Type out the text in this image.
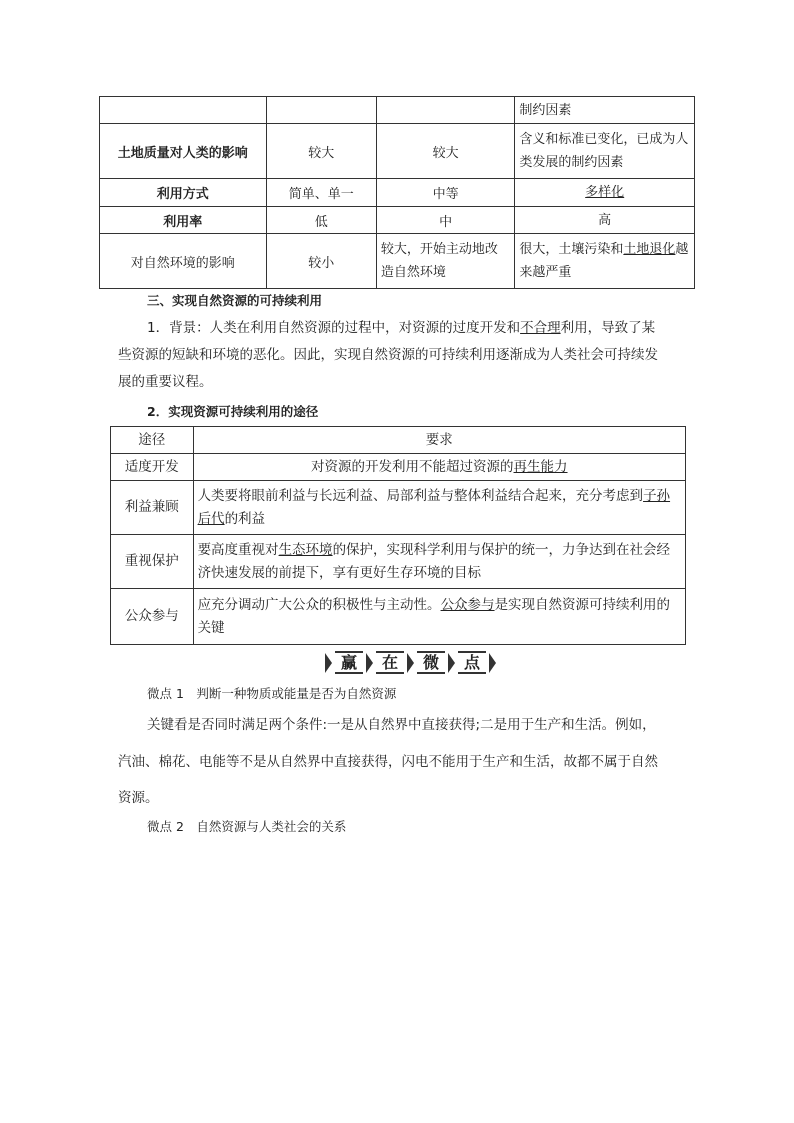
			制约因素
土地质量对人类的影响	较大	较大	含义和标准已变化，已成为人类发展的制约因素
利用方式	简单、单一	中等	多样化
利用率	低	中	高
对自然环境的影响	较小	较大，开始主动地改造自然环境	很大，土壤污染和土地退化越来越严重
三、实现自然资源的可持续利用
1．背景：人类在利用自然资源的过程中，对资源的过度开发和不合理利用，导致了某
些资源的短缺和环境的恶化。因此，实现自然资源的可持续利用逐渐成为人类社会可持续发
展的重要议程。
2．实现资源可持续利用的途径
途径	要求
适度开发	对资源的开发利用不能超过资源的再生能力
利益兼顾	人类要将眼前利益与长远利益、局部利益与整体利益结合起来，充分考虑到子孙后代的利益
重视保护	要高度重视对生态环境的保护，实现科学利用与保护的统一，力争达到在社会经济快速发展的前提下，享有更好生存环境的目标
公众参与	应充分调动广大公众的积极性与主动性。公众参与是实现自然资源可持续利用的关键
赢	在	微	点
微点 1　判断一种物质或能量是否为自然资源
关键看是否同时满足两个条件:一是从自然界中直接获得;二是用于生产和生活。例如，
汽油、棉花、电能等不是从自然界中直接获得，闪电不能用于生产和生活，故都不属于自然
资源。
微点 2　自然资源与人类社会的关系
